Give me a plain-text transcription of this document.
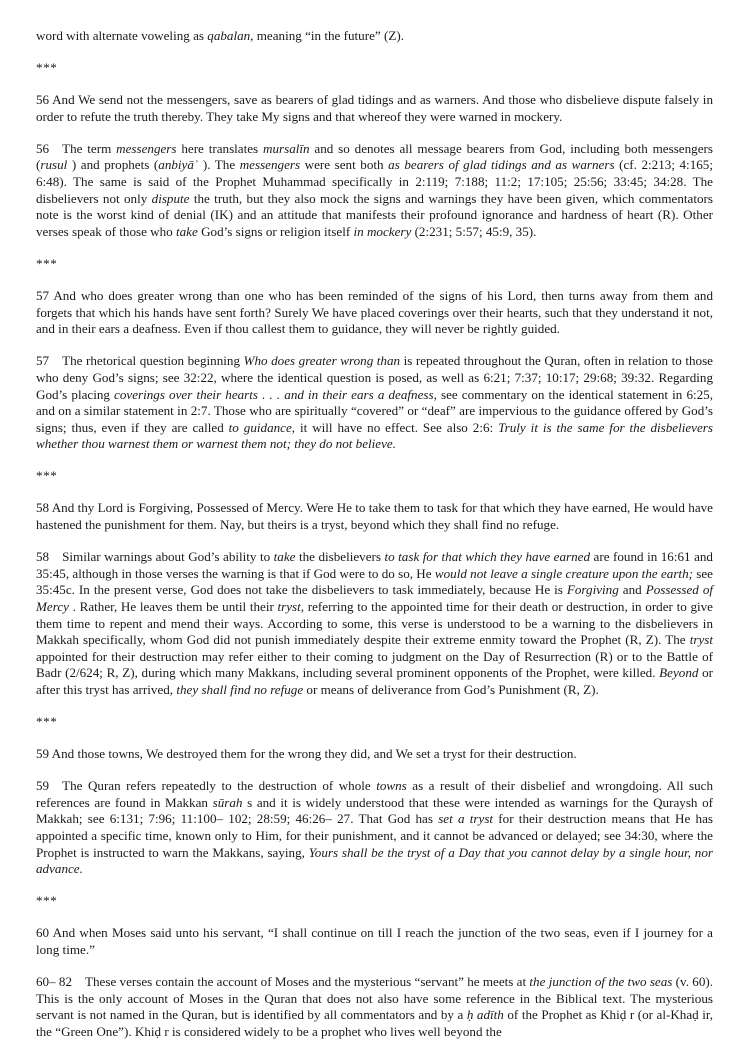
word with alternate voweling as qabalan, meaning “in the future” (Z).

***

56 And We send not the messengers, save as bearers of glad tidings and as warners. And those who disbelieve dispute falsely in order to refute the truth thereby. They take My signs and that whereof they were warned in mockery.

56 The term messengers here translates mursalīn and so denotes all message bearers from God, including both messengers (rusul ) and prophets (anbiyāʾ ). The messengers were sent both as bearers of glad tidings and as warners (cf. 2:213; 4:165; 6:48). The same is said of the Prophet Muhammad specifically in 2:119; 7:188; 11:2; 17:105; 25:56; 33:45; 34:28. The disbelievers not only dispute the truth, but they also mock the signs and warnings they have been given, which commentators note is the worst kind of denial (IK) and an attitude that manifests their profound ignorance and hardness of heart (R). Other verses speak of those who take God’s signs or religion itself in mockery (2:231; 5:57; 45:9, 35).

***

57 And who does greater wrong than one who has been reminded of the signs of his Lord, then turns away from them and forgets that which his hands have sent forth? Surely We have placed coverings over their hearts, such that they understand it not, and in their ears a deafness. Even if thou callest them to guidance, they will never be rightly guided.

57 The rhetorical question beginning Who does greater wrong than is repeated throughout the Quran, often in relation to those who deny God’s signs; see 32:22, where the identical question is posed, as well as 6:21; 7:37; 10:17; 29:68; 39:32. Regarding God’s placing coverings over their hearts . . . and in their ears a deafness, see commentary on the identical statement in 6:25, and on a similar statement in 2:7. Those who are spiritually “covered” or “deaf” are impervious to the guidance offered by God’s signs; thus, even if they are called to guidance, it will have no effect. See also 2:6: Truly it is the same for the disbelievers whether thou warnest them or warnest them not; they do not believe.

***

58 And thy Lord is Forgiving, Possessed of Mercy. Were He to take them to task for that which they have earned, He would have hastened the punishment for them. Nay, but theirs is a tryst, beyond which they shall find no refuge.

58 Similar warnings about God’s ability to take the disbelievers to task for that which they have earned are found in 16:61 and 35:45, although in those verses the warning is that if God were to do so, He would not leave a single creature upon the earth; see 35:45c. In the present verse, God does not take the disbelievers to task immediately, because He is Forgiving and Possessed of Mercy . Rather, He leaves them be until their tryst, referring to the appointed time for their death or destruction, in order to give them time to repent and mend their ways. According to some, this verse is understood to be a warning to the disbelievers in Makkah specifically, whom God did not punish immediately despite their extreme enmity toward the Prophet (R, Z). The tryst appointed for their destruction may refer either to their coming to judgment on the Day of Resurrection (R) or to the Battle of Badr (2/624; R, Z), during which many Makkans, including several prominent opponents of the Prophet, were killed. Beyond or after this tryst has arrived, they shall find no refuge or means of deliverance from God’s Punishment (R, Z).

***

59 And those towns, We destroyed them for the wrong they did, and We set a tryst for their destruction.

59 The Quran refers repeatedly to the destruction of whole towns as a result of their disbelief and wrongdoing. All such references are found in Makkan sūrah s and it is widely understood that these were intended as warnings for the Quraysh of Makkah; see 6:131; 7:96; 11:100– 102; 28:59; 46:26– 27. That God has set a tryst for their destruction means that He has appointed a specific time, known only to Him, for their punishment, and it cannot be advanced or delayed; see 34:30, where the Prophet is instructed to warn the Makkans, saying, Yours shall be the tryst of a Day that you cannot delay by a single hour, nor advance.

***

60 And when Moses said unto his servant, “I shall continue on till I reach the junction of the two seas, even if I journey for a long time.”

60– 82 These verses contain the account of Moses and the mysterious “servant” he meets at the junction of the two seas (v. 60). This is the only account of Moses in the Quran that does not also have some reference in the Biblical text. The mysterious servant is not named in the Quran, but is identified by all commentators and by a ḥ adīth of the Prophet as Khiḍ r (or al-Khaḍ ir, the “Green One”). Khiḍ r is considered widely to be a prophet who lives well beyond the
